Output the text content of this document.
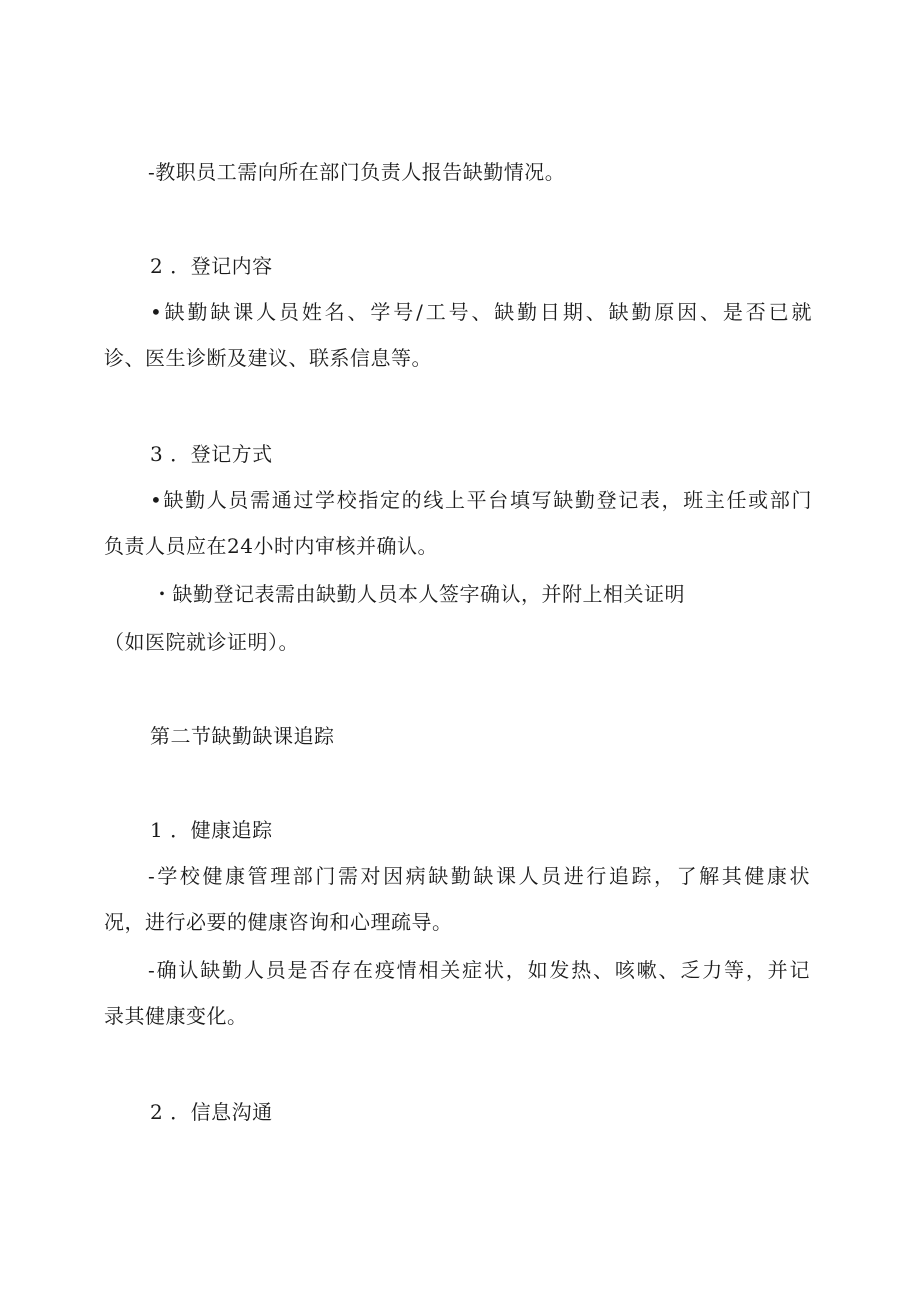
-教职员工需向所在部门负责人报告缺勤情况。
2 ．登记内容
•缺勤缺课人员姓名、学号/工号、缺勤日期、缺勤原因、是否已就
诊、医生诊断及建议、联系信息等。
3 ．登记方式
•缺勤人员需通过学校指定的线上平台填写缺勤登记表，班主任或部门
负责人员应在24小时内审核并确认。
・缺勤登记表需由缺勤人员本人签字确认，并附上相关证明
（如医院就诊证明）。
第二节缺勤缺课追踪
1 ．健康追踪
-学校健康管理部门需对因病缺勤缺课人员进行追踪，了解其健康状
况，进行必要的健康咨询和心理疏导。
-确认缺勤人员是否存在疫情相关症状，如发热、咳嗽、乏力等，并记
录其健康变化。
2 ．信息沟通
